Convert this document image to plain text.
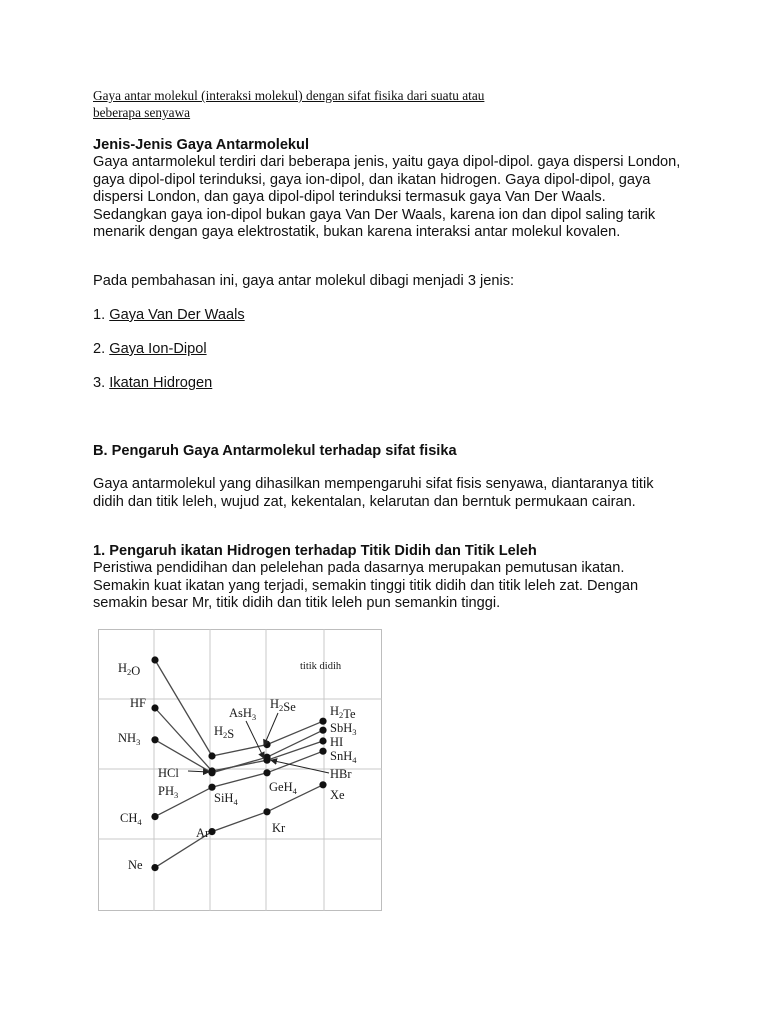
Gaya antar molekul (interaksi molekul) dengan sifat fisika dari suatu atau
beberapa senyawa
Jenis-Jenis Gaya Antarmolekul
Gaya antarmolekul terdiri dari beberapa jenis, yaitu gaya dipol-dipol. gaya dispersi London, gaya dipol-dipol terinduksi, gaya ion-dipol, dan ikatan hidrogen. Gaya dipol-dipol, gaya dispersi London, dan gaya dipol-dipol terinduksi termasuk gaya Van Der Waals. Sedangkan gaya ion-dipol bukan gaya Van Der Waals, karena ion dan dipol saling tarik menarik dengan gaya elektrostatik, bukan karena interaksi antar molekul kovalen.
Pada pembahasan ini, gaya antar molekul dibagi menjadi 3 jenis:
1. Gaya Van Der Waals
2. Gaya Ion-Dipol
3. Ikatan Hidrogen
B. Pengaruh Gaya Antarmolekul terhadap sifat fisika
Gaya antarmolekul yang dihasilkan mempengaruhi sifat fisis senyawa, diantaranya titik didih dan titik leleh, wujud zat, kekentalan, kelarutan dan berntuk permukaan cairan.
1. Pengaruh ikatan Hidrogen terhadap Titik Didih dan Titik Leleh
Peristiwa pendidihan dan pelelehan pada dasarnya merupakan pemutusan ikatan. Semakin kuat ikatan yang terjadi, semakin tinggi titik didih dan titik leleh zat. Dengan semakin besar Mr, titik didih dan titik leleh pun semankin tinggi.
titik didih
$H_2O$
HF
$NH_3$
$CH_4$
Ne
$H_2S$
HCl
$PH_3$	SiH$_4$
Ar
AsH$_3$
$H_2Se$
GeH$_4$
Kr
$H_2Te$
SbH$_3$
HI
SnH$_4$
HBr
Xe
